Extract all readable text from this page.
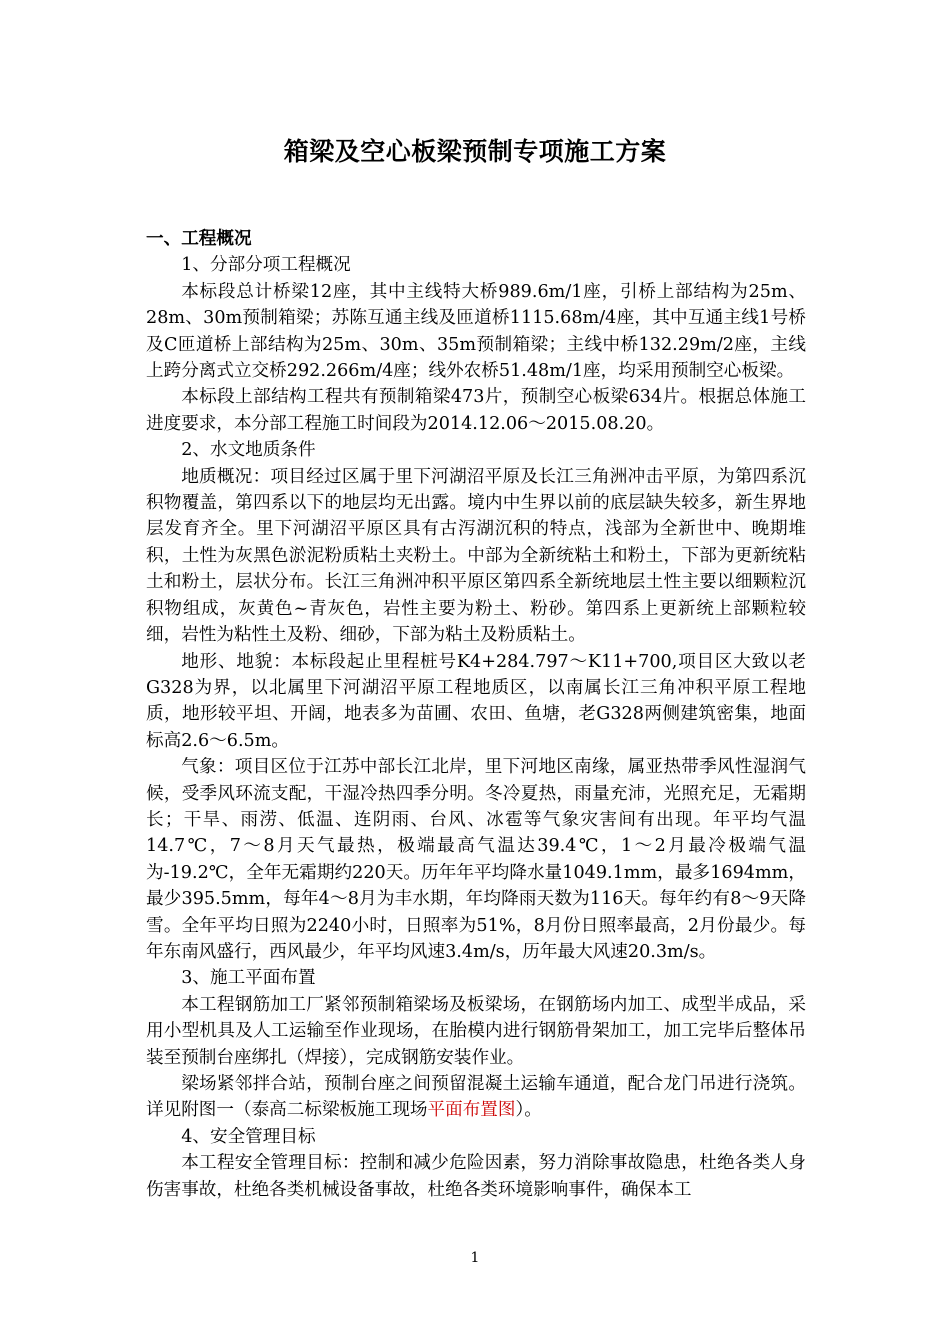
箱梁及空心板梁预制专项施工方案

一、工程概况

1、分部分项工程概况

本标段总计桥梁12座，其中主线特大桥989.6m/1座，引桥上部结构为25m、28m、30m预制箱梁；苏陈互通主线及匝道桥1115.68m/4座，其中互通主线1号桥及C匝道桥上部结构为25m、30m、35m预制箱梁；主线中桥132.29m/2座，主线上跨分离式立交桥292.266m/4座；线外农桥51.48m/1座，均采用预制空心板梁。

本标段上部结构工程共有预制箱梁473片，预制空心板梁634片。根据总体施工进度要求，本分部工程施工时间段为2014.12.06～2015.08.20。

2、水文地质条件

地质概况：项目经过区属于里下河湖沼平原及长江三角洲冲击平原，为第四系沉积物覆盖，第四系以下的地层均无出露。境内中生界以前的底层缺失较多，新生界地层发育齐全。里下河湖沼平原区具有古泻湖沉积的特点，浅部为全新世中、晚期堆积，土性为灰黑色淤泥粉质粘土夹粉土。中部为全新统粘土和粉土，下部为更新统粘土和粉土，层状分布。长江三角洲冲积平原区第四系全新统地层土性主要以细颗粒沉积物组成，灰黄色~青灰色，岩性主要为粉土、粉砂。第四系上更新统上部颗粒较细，岩性为粘性土及粉、细砂，下部为粘土及粉质粘土。

地形、地貌：本标段起止里程桩号K4+284.797～K11+700,项目区大致以老G328为界，以北属里下河湖沼平原工程地质区，以南属长江三角冲积平原工程地质，地形较平坦、开阔，地表多为苗圃、农田、鱼塘，老G328两侧建筑密集，地面标高2.6～6.5m。

气象：项目区位于江苏中部长江北岸，里下河地区南缘，属亚热带季风性湿润气候，受季风环流支配，干湿冷热四季分明。冬冷夏热，雨量充沛，光照充足，无霜期长；干旱、雨涝、低温、连阴雨、台风、冰雹等气象灾害间有出现。年平均气温14.7℃，7～8月天气最热，极端最高气温达39.4℃，1～2月最冷极端气温为-19.2℃，全年无霜期约220天。历年年平均降水量1049.1mm，最多1694mm，最少395.5mm，每年4～8月为丰水期，年均降雨天数为116天。每年约有8～9天降雪。全年平均日照为2240小时，日照率为51%，8月份日照率最高，2月份最少。每年东南风盛行，西风最少，年平均风速3.4m/s，历年最大风速20.3m/s。

3、施工平面布置

本工程钢筋加工厂紧邻预制箱梁场及板梁场，在钢筋场内加工、成型半成品，采用小型机具及人工运输至作业现场，在胎模内进行钢筋骨架加工，加工完毕后整体吊装至预制台座绑扎（焊接），完成钢筋安装作业。

梁场紧邻拌合站，预制台座之间预留混凝土运输车通道，配合龙门吊进行浇筑。详见附图一（泰高二标梁板施工现场平面布置图）。

4、安全管理目标

本工程安全管理目标：控制和减少危险因素，努力消除事故隐患，杜绝各类人身伤害事故，杜绝各类机械设备事故，杜绝各类环境影响事件，确保本工

1
